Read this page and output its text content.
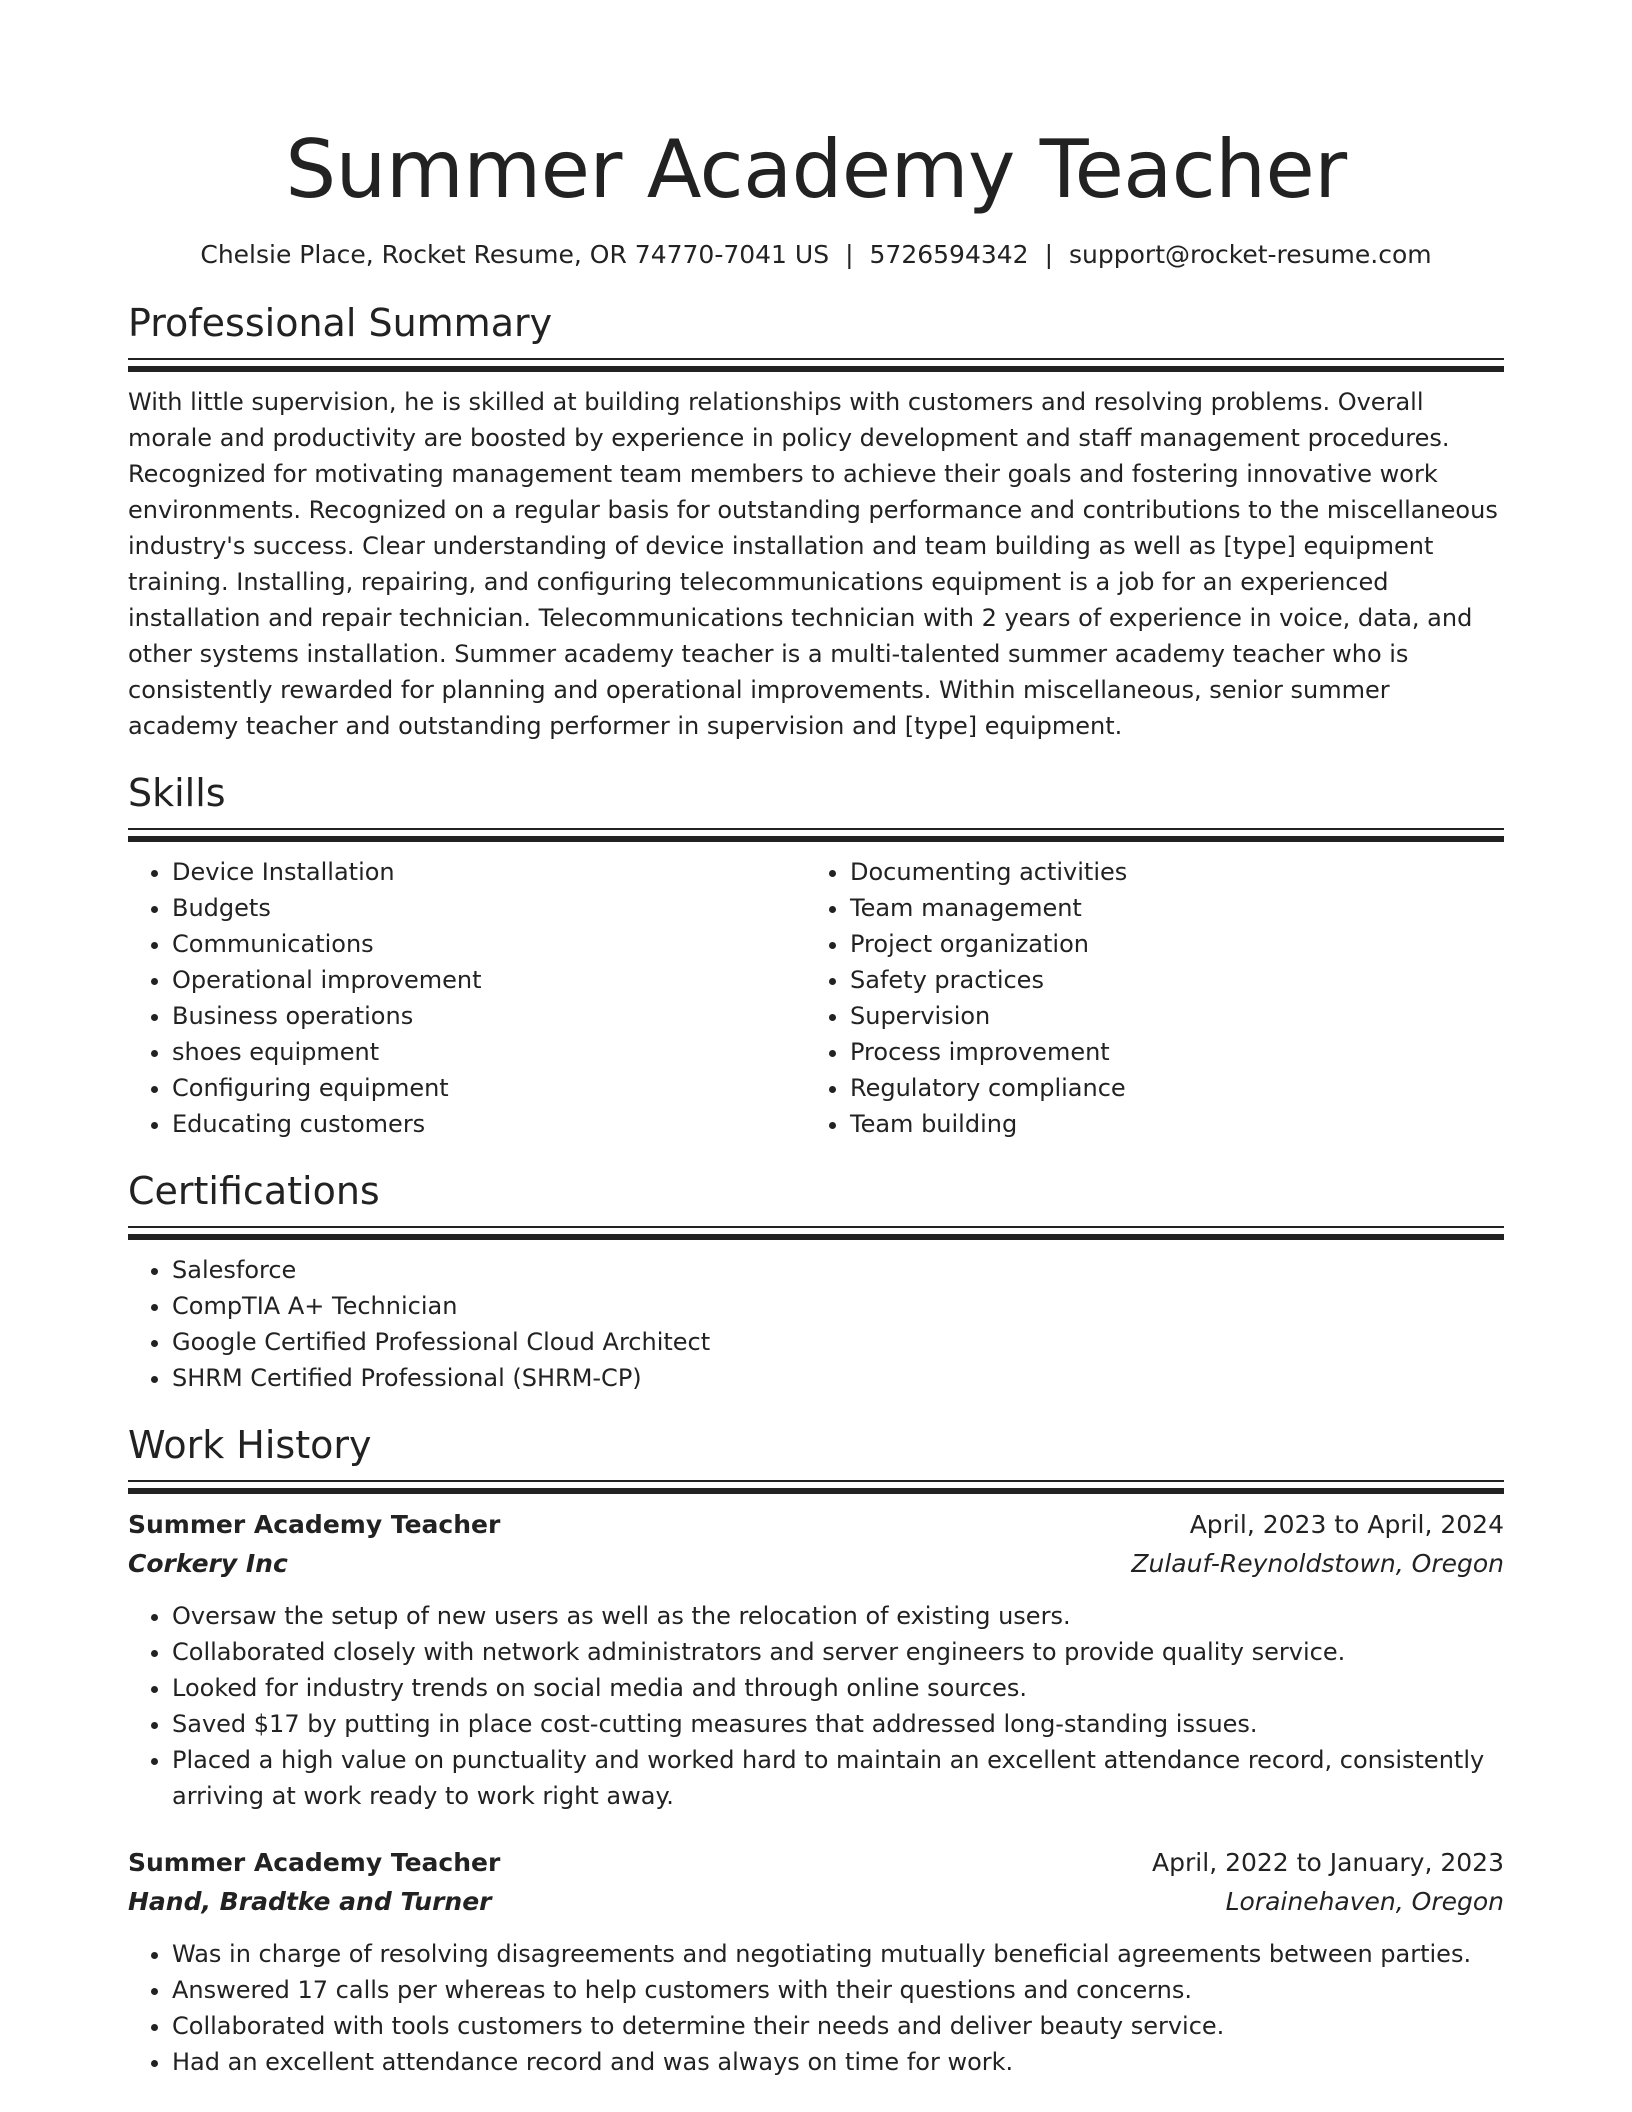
Summer Academy Teacher
Chelsie Place, Rocket Resume, OR 74770-7041 US | 5726594342 | support@rocket-resume.com
Professional Summary

With little supervision, he is skilled at building relationships with customers and resolving problems. Overall morale and productivity are boosted by experience in policy development and staff management procedures. Recognized for motivating management team members to achieve their goals and fostering innovative work environments. Recognized on a regular basis for outstanding performance and contributions to the miscellaneous industry's success. Clear understanding of device installation and team building as well as [type] equipment training. Installing, repairing, and configuring telecommunications equipment is a job for an experienced installation and repair technician. Telecommunications technician with 2 years of experience in voice, data, and other systems installation. Summer academy teacher is a multi-talented summer academy teacher who is consistently rewarded for planning and operational improvements. Within miscellaneous, senior summer academy teacher and outstanding performer in supervision and [type] equipment.

Skills
• Device Installation
• Budgets
• Communications
• Operational improvement
• Business operations
• shoes equipment
• Configuring equipment
• Educating customers
• Documenting activities
• Team management
• Project organization
• Safety practices
• Supervision
• Process improvement
• Regulatory compliance
• Team building
Certifications
• Salesforce
• CompTIA A+ Technician
• Google Certified Professional Cloud Architect
• SHRM Certified Professional (SHRM-CP)
Work History
Summer Academy Teacher	April, 2023 to April, 2024
Corkery Inc	Zulauf-Reynoldstown, Oregon
• Oversaw the setup of new users as well as the relocation of existing users.
• Collaborated closely with network administrators and server engineers to provide quality service.
• Looked for industry trends on social media and through online sources.
• Saved $17 by putting in place cost-cutting measures that addressed long-standing issues.
• Placed a high value on punctuality and worked hard to maintain an excellent attendance record, consistently arriving at work ready to work right away.
Summer Academy Teacher	April, 2022 to January, 2023
Hand, Bradtke and Turner	Lorainehaven, Oregon
• Was in charge of resolving disagreements and negotiating mutually beneficial agreements between parties.
• Answered 17 calls per whereas to help customers with their questions and concerns.
• Collaborated with tools customers to determine their needs and deliver beauty service.
• Had an excellent attendance record and was always on time for work.
